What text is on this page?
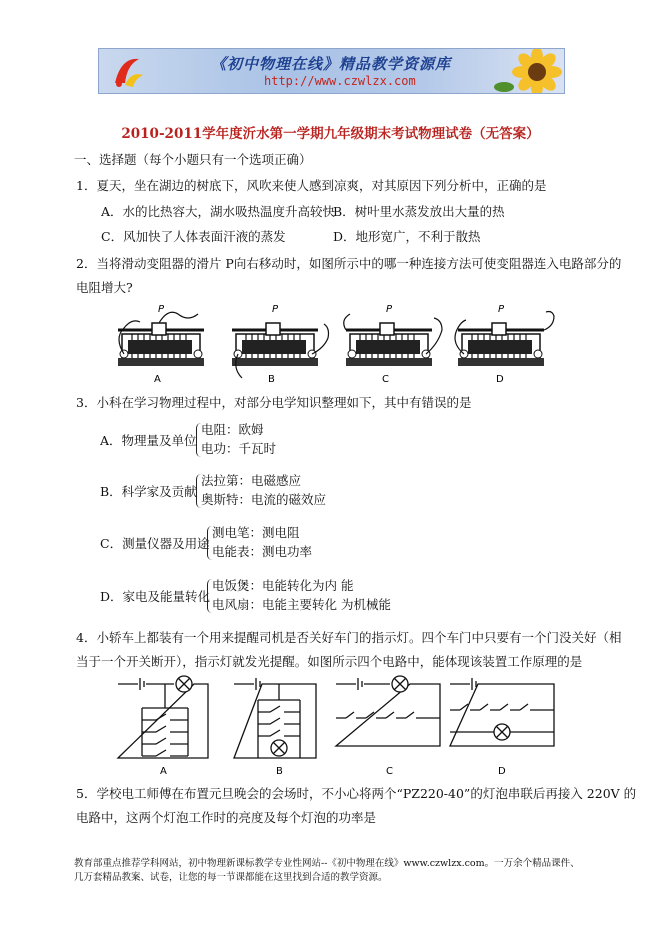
《初中物理在线》精品教学资源库
http://www.czwlzx.com
2010-2011学年度沂水第一学期九年级期末考试物理试卷（无答案）
一、选择题（每个小题只有一个选项正确）
1．夏天，坐在湖边的树底下，风吹来使人感到凉爽，对其原因下列分析中，正确的是
A．水的比热容大，湖水吸热温度升高较快
B．树叶里水蒸发放出大量的热
C．风加快了人体表面汗液的蒸发	D．地形宽广，不利于散热
2．当将滑动变阻器的滑片 P向右移动时，如图所示中的哪一种连接方法可使变阻器连入电路部分的
电阻增大?
P	P	P	P
A	B	C	D
3．小科在学习物理过程中，对部分电学知识整理如下，其中有错误的是
A．物理量及单位
电阻：欧姆
电功：千瓦时
B．科学家及贡献
法拉第：电磁感应
奥斯特：电流的磁效应
C．测量仪器及用途
测电笔：测电阻
电能表：测电功率
D．家电及能量转化
电饭煲：电能转化为内 能
电风扇：电能主要转化 为机械能
4．小轿车上都装有一个用来提醒司机是否关好车门的指示灯。四个车门中只要有一个门没关好（相
当于一个开关断开），指示灯就发光提醒。如图所示四个电路中，能体现该装置工作原理的是
A	B	C	D
5．学校电工师傅在布置元旦晚会的会场时，不小心将两个“PZ220-40”的灯泡串联后再接入 220V 的
电路中，这两个灯泡工作时的亮度及每个灯泡的功率是
教育部重点推荐学科网站，初中物理新课标教学专业性网站--《初中物理在线》www.czwlzx.com。一万余个精品课件、
几万套精品教案、试卷，让您的每一节课都能在这里找到合适的教学资源。
